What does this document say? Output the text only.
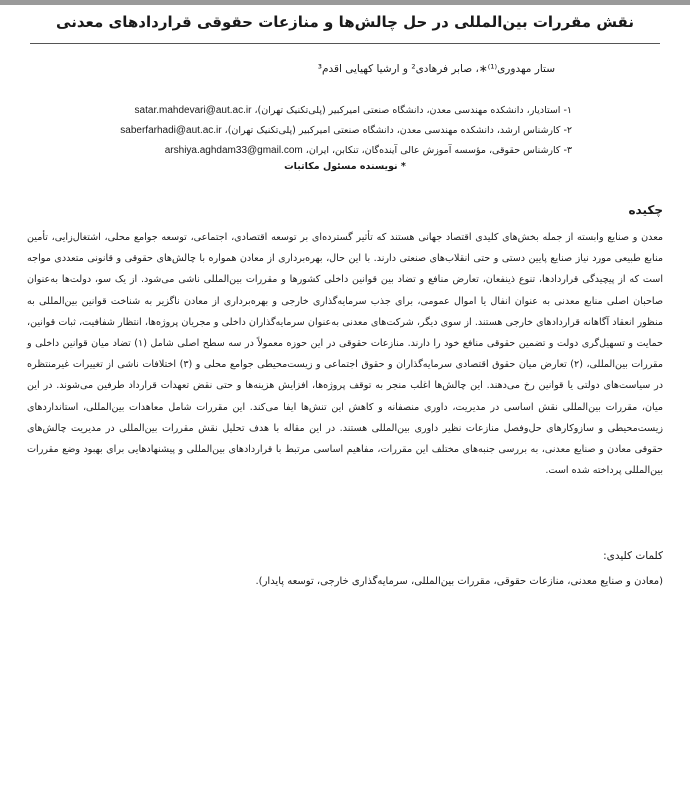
نقش مقررات بین‌المللی در حل چالش‌ها و منازعات حقوقی قراردادهای معدنی
ستار مهدوری‏⁽¹⁾∗، صابر فرهادی² و ارشیا کهیایی اقدم³
۱- استادیار، دانشکده مهندسی معدن، دانشگاه صنعتی امیرکبیر (پلی‌تکنیک تهران)، satar.mahdevari@aut.ac.ir
۲- کارشناس ارشد، دانشکده مهندسی معدن، دانشگاه صنعتی امیرکبیر (پلی‌تکنیک تهران)، saberfarhadi@aut.ac.ir
۳- کارشناس حقوقی، مؤسسه آموزش عالی آینده‌گان، تنکابن، ایران، arshiya.aghdam33@gmail.com
* نویسنده مسئول مکاتبات
چکیده
معدن و صنایع وابسته از جمله بخش‌های کلیدی اقتصاد جهانی هستند که تأثیر گسترده‌ای بر توسعه اقتصادی، اجتماعی، توسعه جوامع محلی، اشتغال‌زایی، تأمین منابع طبیعی مورد نیاز صنایع پایین دستی و حتی انقلاب‌های صنعتی دارند. با این حال، بهره‌برداری از معادن همواره با چالش‌های حقوقی و قانونی متعددی مواجه است که از پیچیدگی قراردادها، تنوع ذینفعان، تعارض منافع و تضاد بین قوانین داخلی کشورها و مقررات بین‌المللی ناشی می‌شود. از یک سو، دولت‌ها به‌عنوان صاحبان اصلی منابع معدنی به عنوان انفال یا اموال عمومی، برای جذب سرمایه‌گذاری خارجی و بهره‌برداری از معادن ناگزیر به شناخت قوانین بین‌المللی به منظور انعقاد آگاهانه قراردادهای خارجی هستند. از سوی دیگر، شرکت‌های معدنی به‌عنوان سرمایه‌گذاران داخلی و مجریان پروژه‌ها، انتظار شفافیت، ثبات قوانین، حمایت و تسهیل‌گری دولت و تضمین حقوقی منافع خود را دارند. منازعات حقوقی در این حوزه معمولاً در سه سطح اصلی شامل (۱) تضاد میان قوانین داخلی و مقررات بین‌المللی، (۲) تعارض میان حقوق اقتصادی سرمایه‌گذاران و حقوق اجتماعی و زیست‌محیطی جوامع محلی و (۳) اختلافات ناشی از تغییرات غیرمنتظره در سیاست‌های دولتی یا قوانین رخ می‌دهند. این چالش‌ها اغلب منجر به توقف پروژه‌ها، افزایش هزینه‌ها و حتی نقض تعهدات قرارداد طرفین می‌شوند. در این میان، مقررات بین‌المللی نقش اساسی در مدیریت، داوری منصفانه و کاهش این تنش‌ها ایفا می‌کند. این مقررات شامل معاهدات بین‌المللی، استانداردهای زیست‌محیطی و سازوکارهای حل‌وفصل منازعات نظیر داوری بین‌المللی هستند. در این مقاله با هدف تحلیل نقش مقررات بین‌المللی در مدیریت چالش‌های حقوقی معادن و صنایع معدنی، به بررسی جنبه‌های مختلف این مقررات، مفاهیم اساسی مرتبط با قراردادهای بین‌المللی و پیشنهادهایی برای بهبود وضع مقررات بین‌المللی پرداخته شده است.
کلمات کلیدی:
(معادن و صنایع معدنی، منازعات حقوقی، مقررات بین‌المللی، سرمایه‌گذاری خارجی، توسعه پایدار).
